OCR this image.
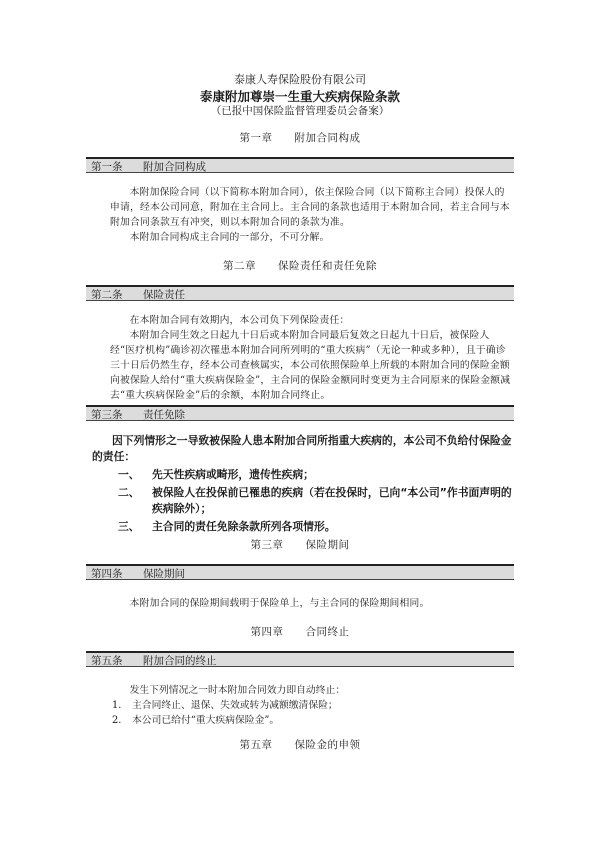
泰康人寿保险股份有限公司
泰康附加尊崇一生重大疾病保险条款
（已报中国保险监督管理委员会备案）
第一章　　附加合同构成
第一条 附加合同构成

本附加保险合同（以下简称本附加合同），依主保险合同（以下简称主合同）投保人的申请，经本公司同意，附加在主合同上。主合同的条款也适用于本附加合同，若主合同与本附加合同条款互有冲突，则以本附加合同的条款为准。

本附加合同构成主合同的一部分，不可分解。

第二章　　保险责任和责任免除
第二条 保险责任

在本附加合同有效期内，本公司负下列保险责任：

本附加合同生效之日起九十日后或本附加合同最后复效之日起九十日后，被保险人经“医疗机构”确诊初次罹患本附加合同所列明的“重大疾病”（无论一种或多种），且于确诊三十日后仍然生存，经本公司查核属实，本公司依照保险单上所载的本附加合同的保险金额向被保险人给付“重大疾病保险金”，主合同的保险金额同时变更为主合同原来的保险金额减去“重大疾病保险金”后的余额，本附加合同终止。

第三条 责任免除

因下列情形之一导致被保险人患本附加合同所指重大疾病的，本公司不负给付保险金的责任：

一、 先天性疾病或畸形，遗传性疾病；

二、 被保险人在投保前已罹患的疾病（若在投保时，已向“本公司”作书面声明的疾病除外）；

三、 主合同的责任免除条款所列各项情形。

第三章　　保险期间
第四条 保险期间

本附加合同的保险期间载明于保险单上，与主合同的保险期间相同。

第四章　　合同终止
第五条 附加合同的终止

发生下列情况之一时本附加合同效力即自动终止：

1. 主合同终止、退保、失效或转为减额缴清保险；

2. 本公司已给付“重大疾病保险金”。

第五章　　保险金的申领
